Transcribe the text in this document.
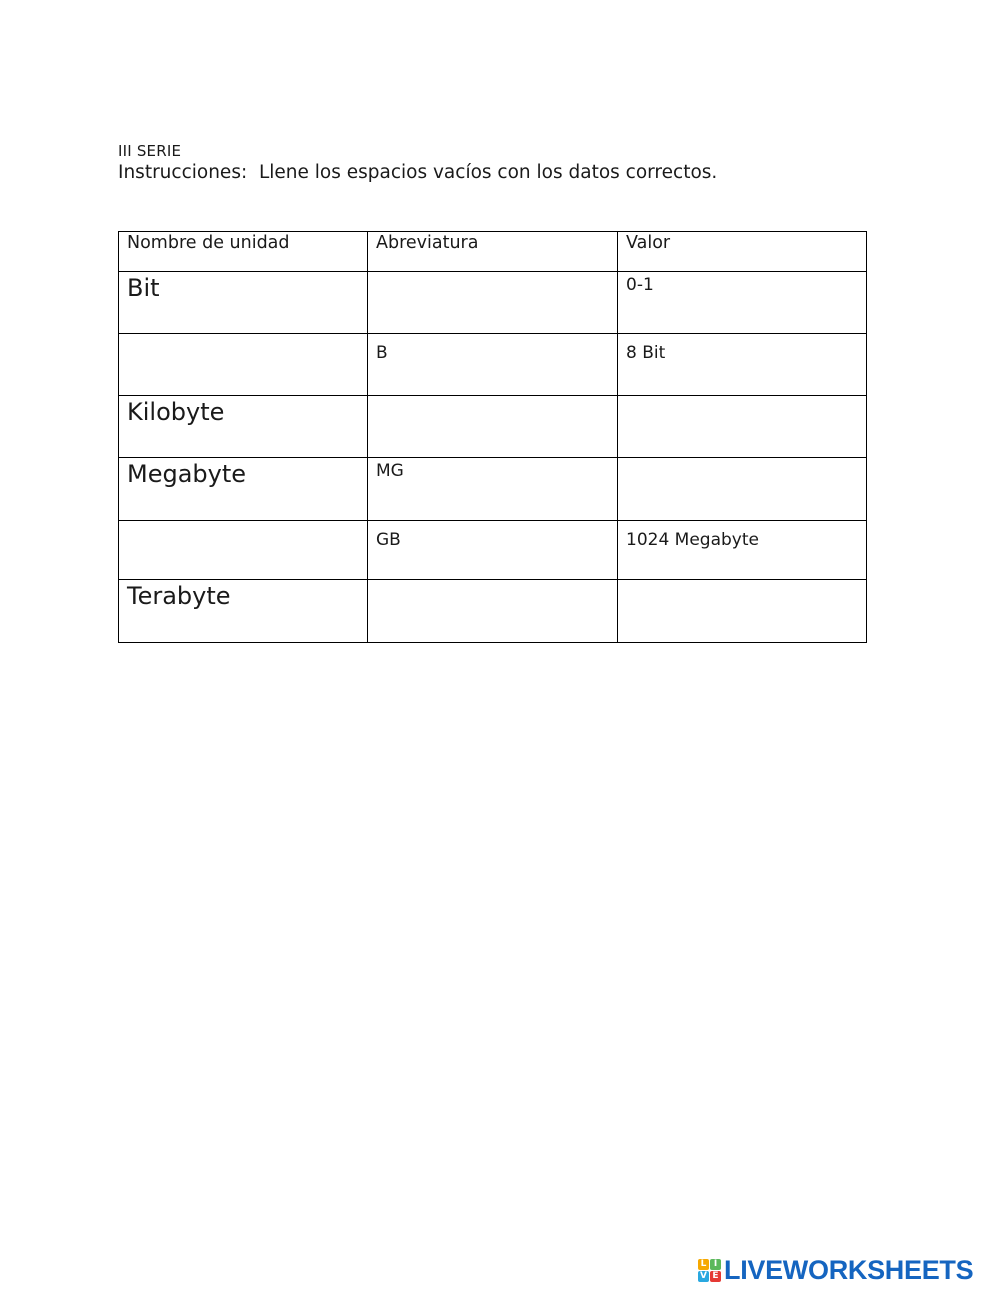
III SERIE
Instrucciones:  Llene los espacios vacíos con los datos correctos.
Nombre de unidad	Abreviatura	Valor
Bit		0-1
	B	8 Bit
Kilobyte		
Megabyte	MG	
	GB	1024 Megabyte
Terabyte		
L I
V E LIVEWORKSHEETS
